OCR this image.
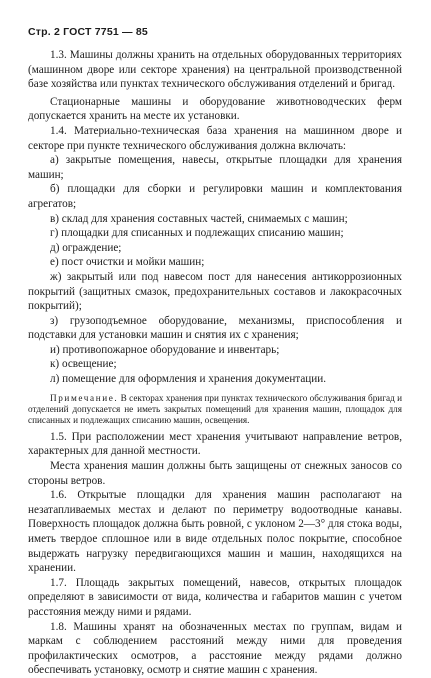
Стр. 2 ГОСТ 7751 — 85

1.3. Машины должны хранить на отдельных оборудованных территориях (машинном дворе или секторе хранения) на центральной производственной базе хозяйства или пунктах технического обслуживания отделений и бригад.

Стационарные машины и оборудование животноводческих ферм допускается хранить на месте их установки.

1.4. Материально-техническая база хранения на машинном дворе и секторе при пункте технического обслуживания должна включать:

а) закрытые помещения, навесы, открытые площадки для хранения машин;

б) площадки для сборки и регулировки машин и комплектования агрегатов;

в) склад для хранения составных частей, снимаемых с машин;

г) площадки для списанных и подлежащих списанию машин;

д) ограждение;

е) пост очистки и мойки машин;

ж) закрытый или под навесом пост для нанесения антикоррозионных покрытий (защитных смазок, предохранительных составов и лакокрасочных покрытий);

з) грузоподъемное оборудование, механизмы, приспособления и подставки для установки машин и снятия их с хранения;

и) противопожарное оборудование и инвентарь;

к) освещение;

л) помещение для оформления и хранения документации.

Примечание. В секторах хранения при пунктах технического обслуживания бригад и отделений допускается не иметь закрытых помещений для хранения машин, площадок для списанных и подлежащих списанию машин, освещения.

1.5. При расположении мест хранения учитывают направление ветров, характерных для данной местности.

Места хранения машин должны быть защищены от снежных заносов со стороны ветров.

1.6. Открытые площадки для хранения машин располагают на незатапливаемых местах и делают по периметру водоотводные канавы. Поверхность площадок должна быть ровной, с уклоном 2—3° для стока воды, иметь твердое сплошное или в виде отдельных полос покрытие, способное выдержать нагрузку передвигающихся машин и машин, находящихся на хранении.

1.7. Площадь закрытых помещений, навесов, открытых площадок определяют в зависимости от вида, количества и габаритов машин с учетом расстояния между ними и рядами.

1.8. Машины хранят на обозначенных местах по группам, видам и маркам с соблюдением расстояний между ними для проведения профилактических осмотров, а расстояние между рядами должно обеспечивать установку, осмотр и снятие машин с хранения.
